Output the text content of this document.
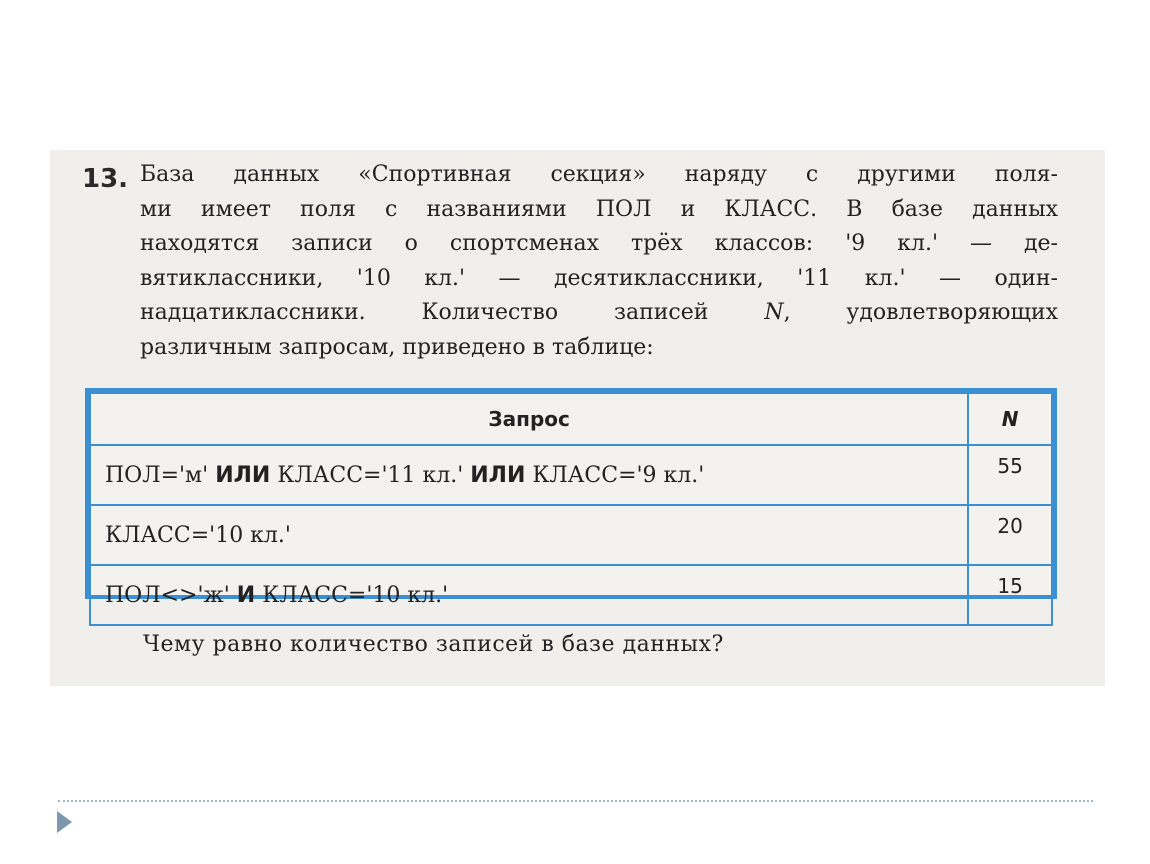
13. База данных «Спортивная секция» наряду с другими поля-
ми имеет поля с названиями ПОЛ и КЛАСС. В базе данных
находятся записи о спортсменах трёх классов: '9 кл.' — де-
вятиклассники, '10 кл.' — десятиклассники, '11 кл.' — один-
надцатиклассники. Количество записей N, удовлетворяющих
различным запросам, приведено в таблице:
Запрос	N
ПОЛ='м' ИЛИ КЛАСС='11 кл.' ИЛИ КЛАСС='9 кл.'	55
КЛАСС='10 кл.'	20
ПОЛ<>'ж' И КЛАСС='10 кл.'	15
Чему равно количество записей в базе данных?
